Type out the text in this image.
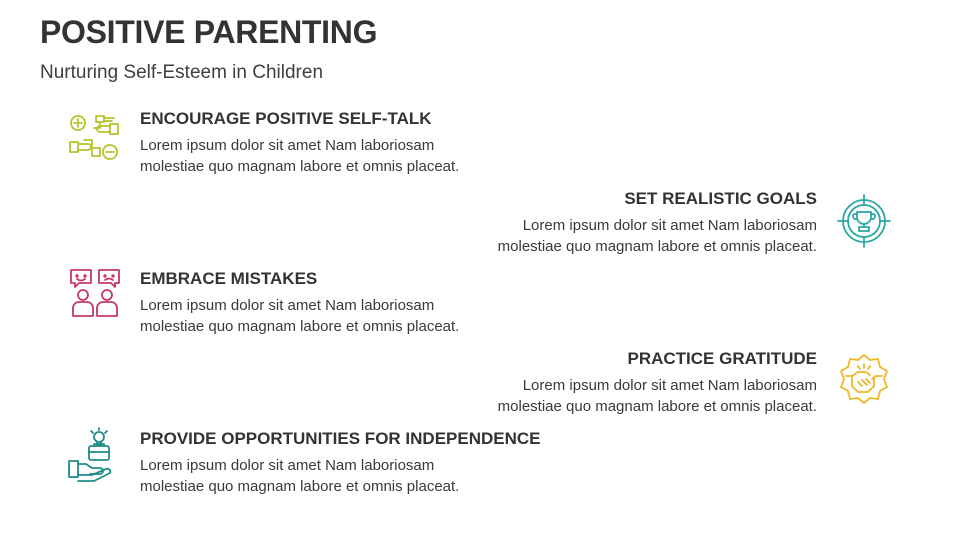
POSITIVE PARENTING
Nurturing Self-Esteem in Children
ENCOURAGE POSITIVE SELF-TALK
Lorem ipsum dolor sit amet Nam laboriosam
molestiae quo magnam labore et omnis placeat.
SET REALISTIC GOALS
Lorem ipsum dolor sit amet Nam laboriosam
molestiae quo magnam labore et omnis placeat.
EMBRACE MISTAKES
Lorem ipsum dolor sit amet Nam laboriosam
molestiae quo magnam labore et omnis placeat.
PRACTICE GRATITUDE
Lorem ipsum dolor sit amet Nam laboriosam
molestiae quo magnam labore et omnis placeat.
PROVIDE OPPORTUNITIES FOR INDEPENDENCE
Lorem ipsum dolor sit amet Nam laboriosam
molestiae quo magnam labore et omnis placeat.
